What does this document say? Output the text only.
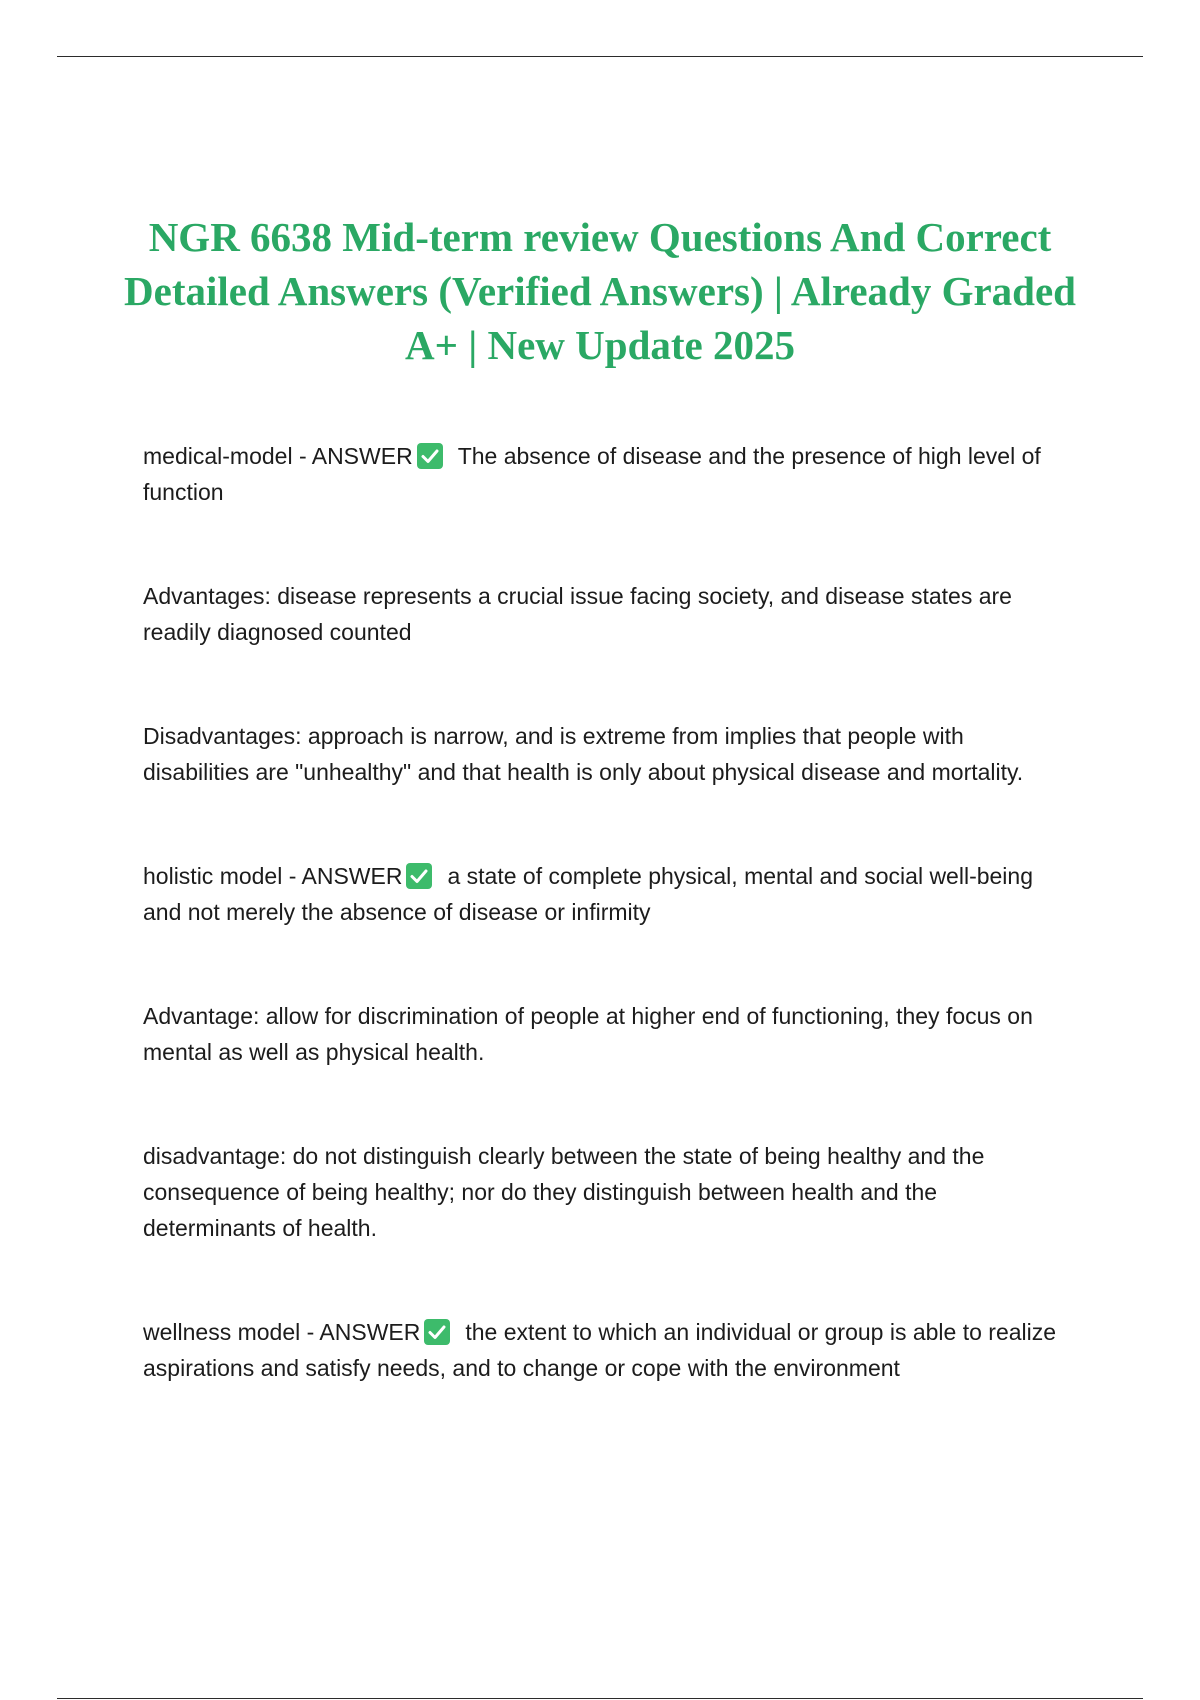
NGR 6638 Mid-term review Questions And Correct Detailed Answers (Verified Answers) | Already Graded A+ | New Update 2025

medical-model - ANSWER The absence of disease and the presence of high level of function

Advantages: disease represents a crucial issue facing society, and disease states are readily diagnosed counted

Disadvantages: approach is narrow, and is extreme from implies that people with disabilities are "unhealthy" and that health is only about physical disease and mortality.

holistic model - ANSWER a state of complete physical, mental and social well-being and not merely the absence of disease or infirmity

Advantage: allow for discrimination of people at higher end of functioning, they focus on mental as well as physical health.

disadvantage: do not distinguish clearly between the state of being healthy and the consequence of being healthy; nor do they distinguish between health and the determinants of health.

wellness model - ANSWER the extent to which an individual or group is able to realize aspirations and satisfy needs, and to change or cope with the environment
